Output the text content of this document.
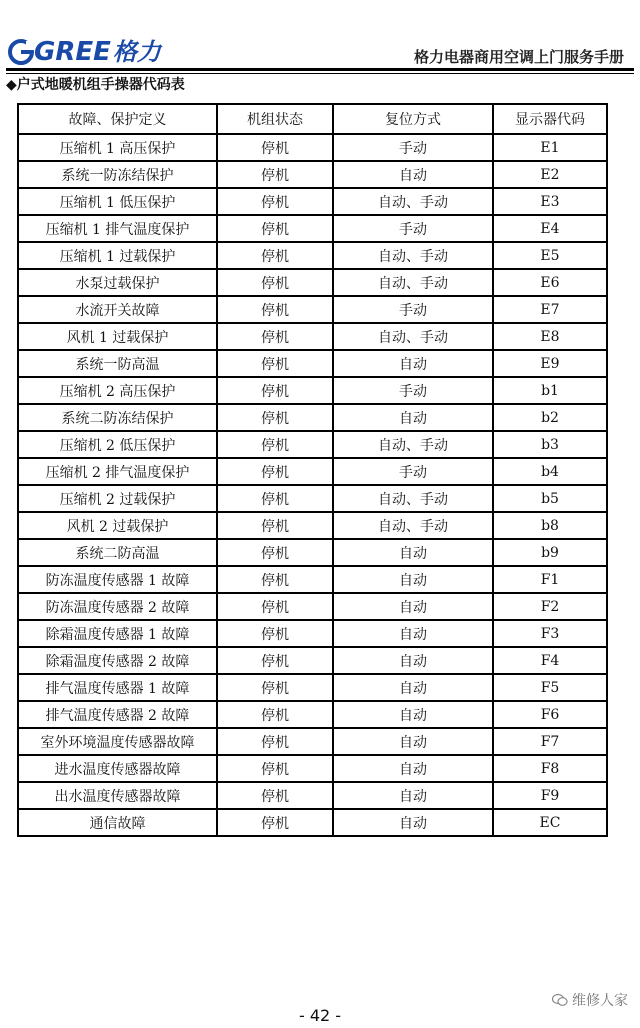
GREE 格力	格力电器商用空调上门服务手册
◆户式地暖机组手操器代码表
故障、保护定义	机组状态	复位方式	显示器代码
压缩机 1 高压保护	停机	手动	E1
系统一防冻结保护	停机	自动	E2
压缩机 1 低压保护	停机	自动、手动	E3
压缩机 1 排气温度保护	停机	手动	E4
压缩机 1 过载保护	停机	自动、手动	E5
水泵过载保护	停机	自动、手动	E6
水流开关故障	停机	手动	E7
风机 1 过载保护	停机	自动、手动	E8
系统一防高温	停机	自动	E9
压缩机 2 高压保护	停机	手动	b1
系统二防冻结保护	停机	自动	b2
压缩机 2 低压保护	停机	自动、手动	b3
压缩机 2 排气温度保护	停机	手动	b4
压缩机 2 过载保护	停机	自动、手动	b5
风机 2 过载保护	停机	自动、手动	b8
系统二防高温	停机	自动	b9
防冻温度传感器 1 故障	停机	自动	F1
防冻温度传感器 2 故障	停机	自动	F2
除霜温度传感器 1 故障	停机	自动	F3
除霜温度传感器 2 故障	停机	自动	F4
排气温度传感器 1 故障	停机	自动	F5
排气温度传感器 2 故障	停机	自动	F6
室外环境温度传感器故障	停机	自动	F7
进水温度传感器故障	停机	自动	F8
出水温度传感器故障	停机	自动	F9
通信故障	停机	自动	EC
维修人家
- 42 -
